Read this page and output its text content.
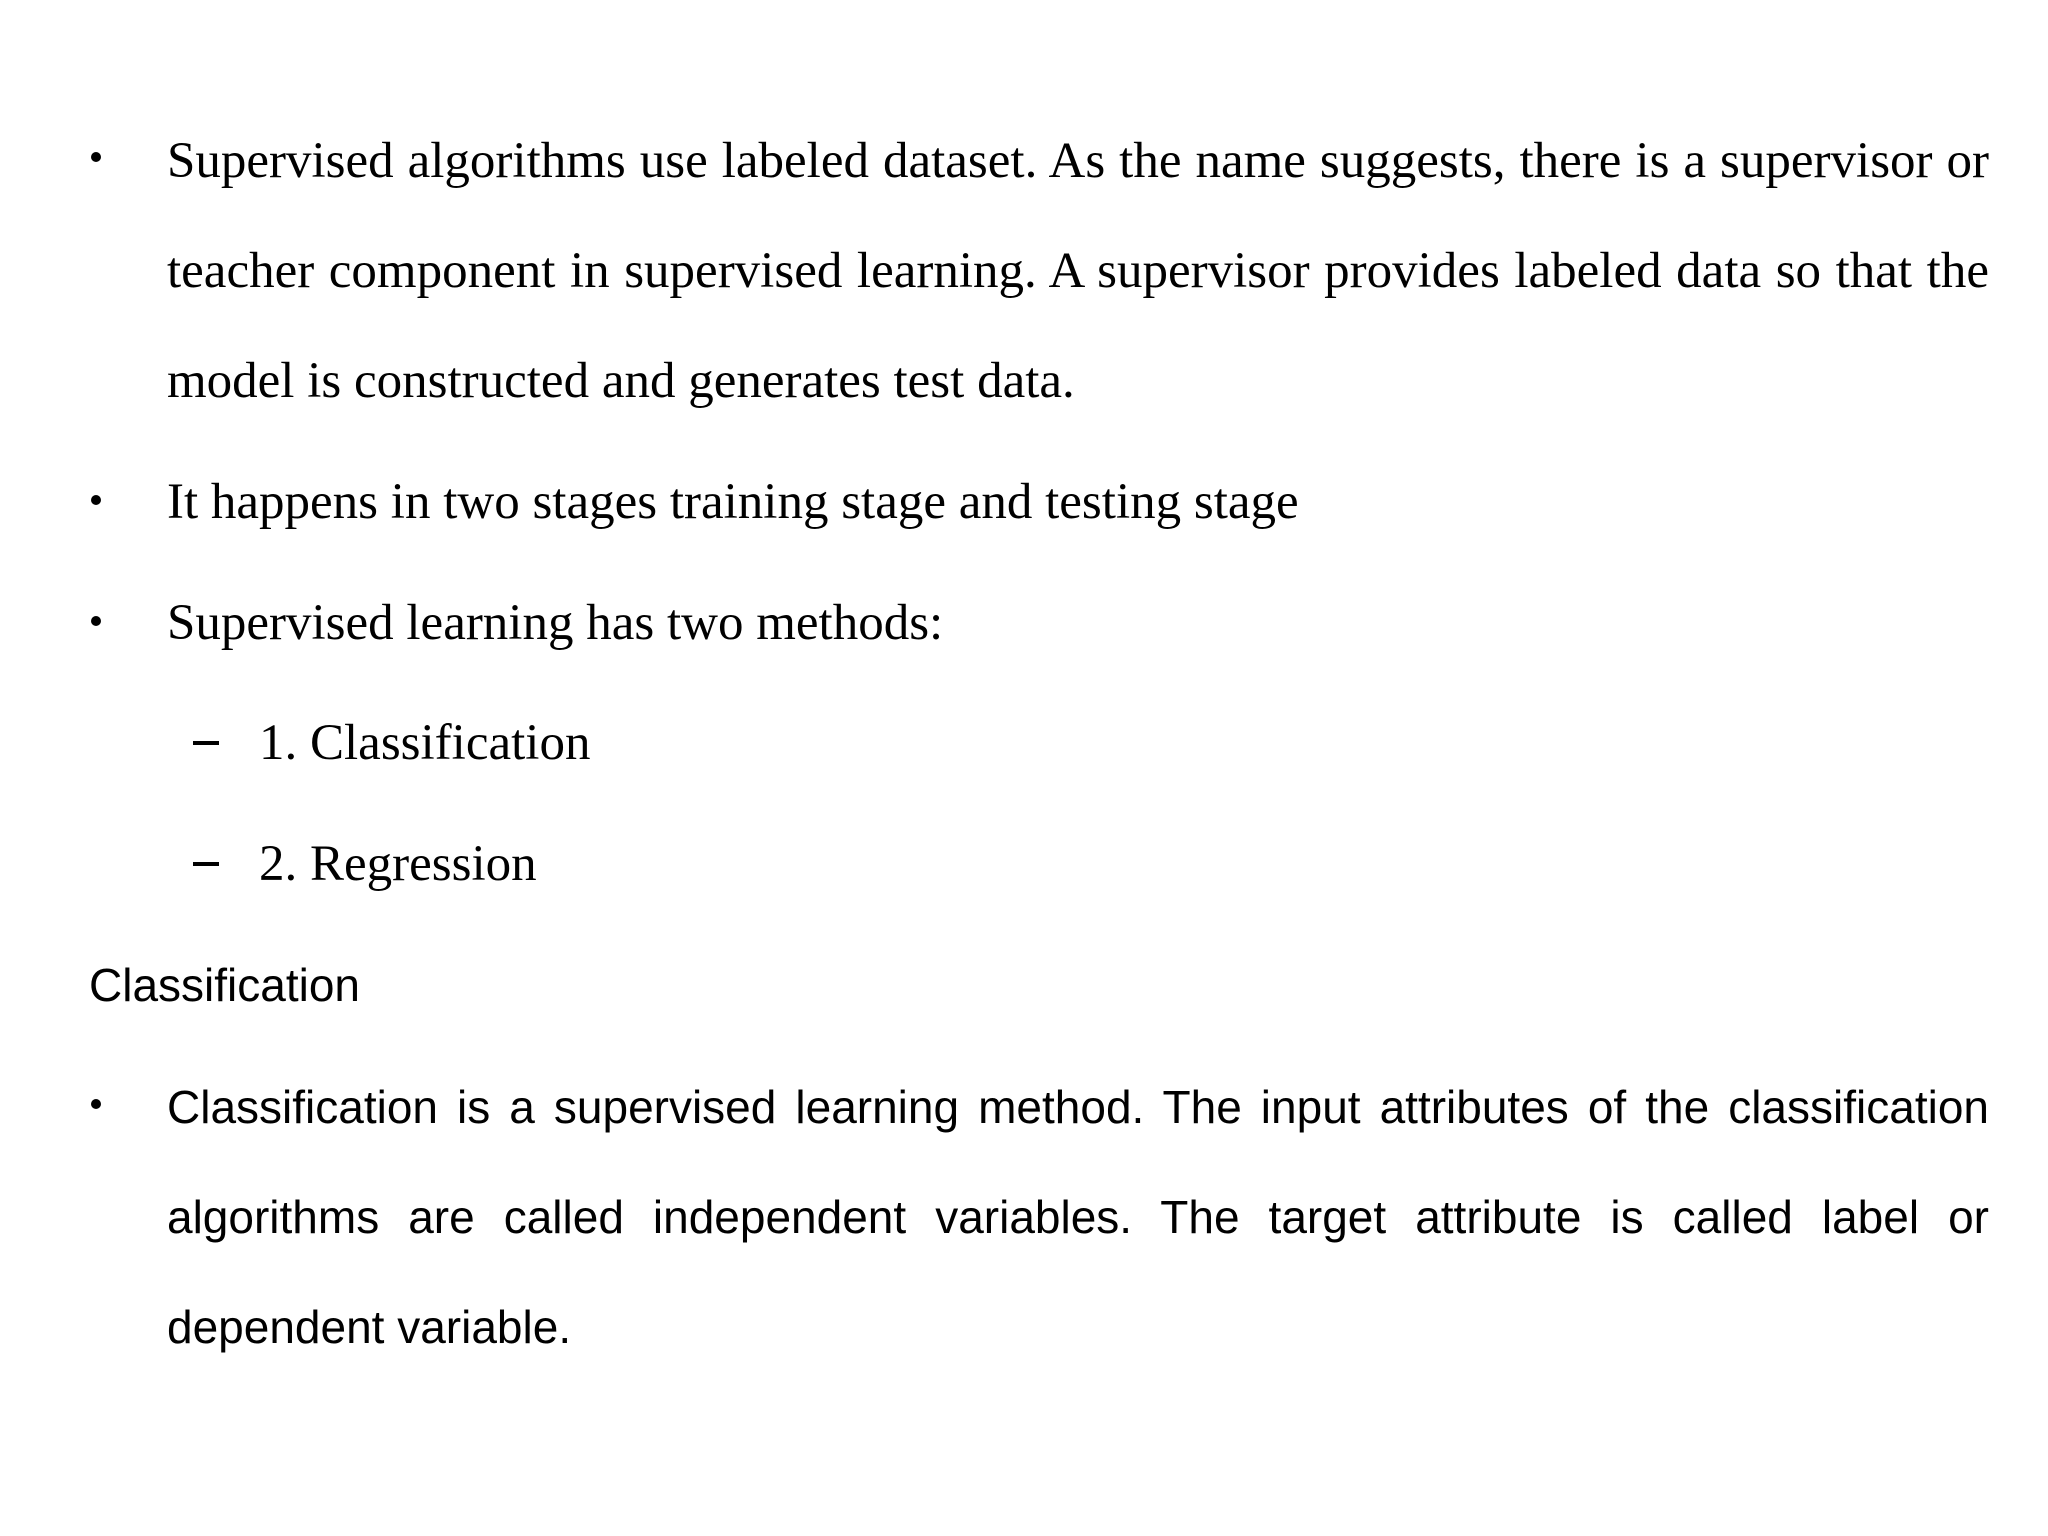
Supervised algorithms use labeled dataset. As the name suggests, there is a supervisor or teacher component in supervised learning. A supervisor provides labeled data so that the model is constructed and generates test data.
It happens in two stages training stage and testing stage
Supervised learning has two methods:
1. Classification
2. Regression
Classification
Classification is a supervised learning method. The input attributes of the classification algorithms are called independent variables. The target attribute is called label or dependent variable.
